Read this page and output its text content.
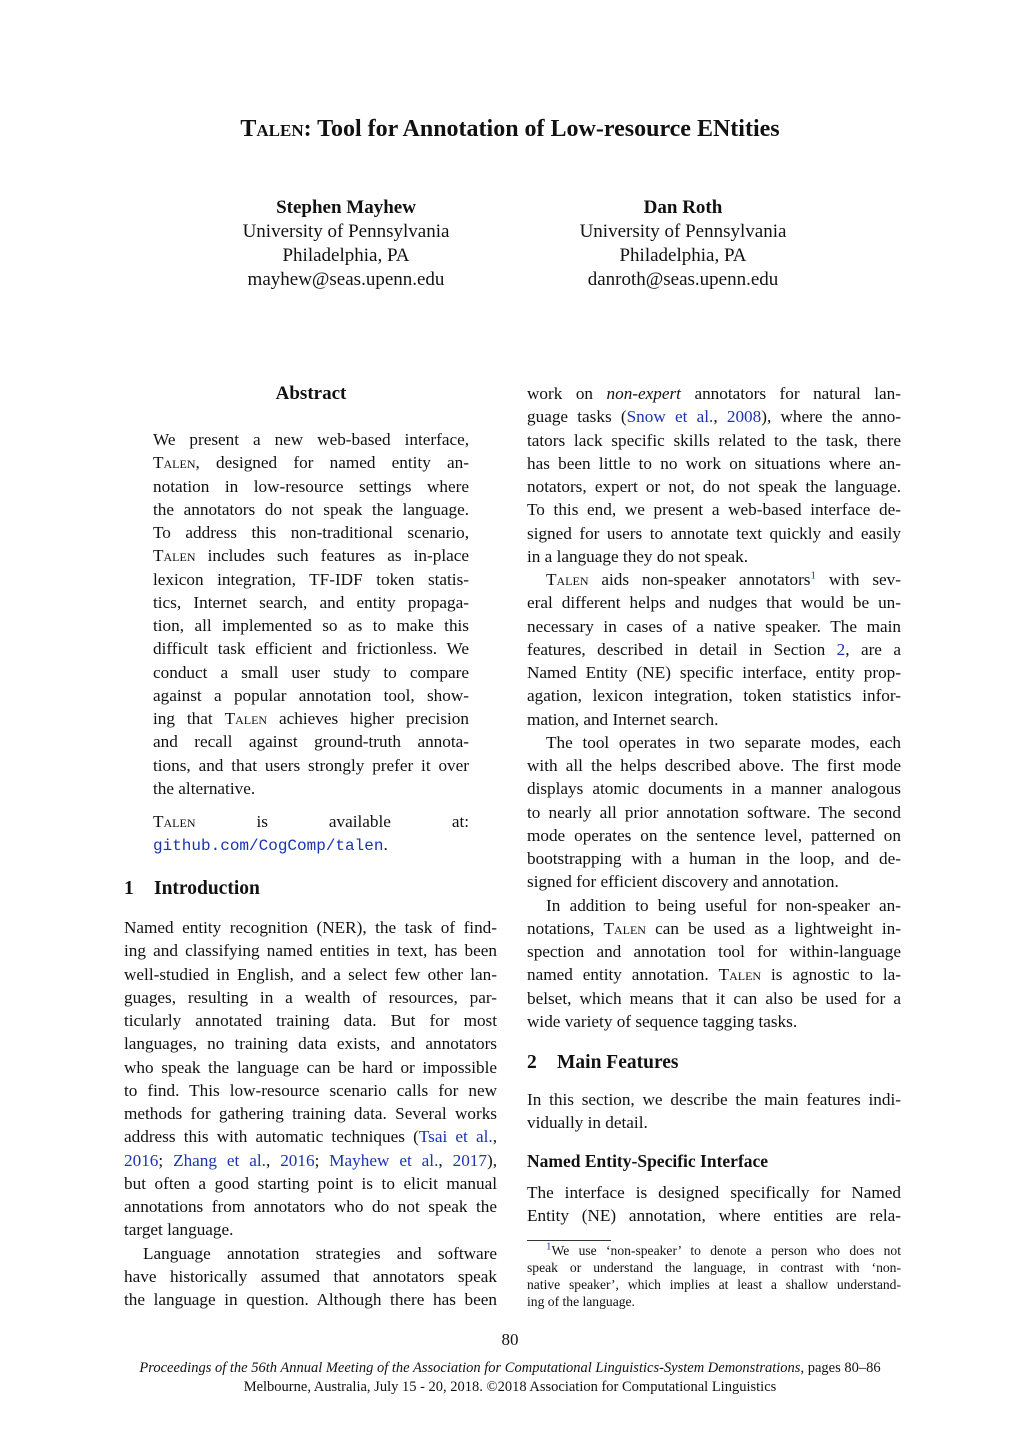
Talen: Tool for Annotation of Low-resource ENtities
Stephen Mayhew
University of Pennsylvania
Philadelphia, PA
mayhew@seas.upenn.edu
Dan Roth
University of Pennsylvania
Philadelphia, PA
danroth@seas.upenn.edu
Abstract
We present a new web-based interface,
Talen, designed for named entity an-
notation in low-resource settings where
the annotators do not speak the language.
To address this non-traditional scenario,
Talen includes such features as in-place
lexicon integration, TF-IDF token statis-
tics, Internet search, and entity propaga-
tion, all implemented so as to make this
difficult task efficient and frictionless. We
conduct a small user study to compare
against a popular annotation tool, show-
ing that Talen achieves higher precision
and recall against ground-truth annota-
tions, and that users strongly prefer it over
the alternative.
Talen is available at:
github.com/CogComp/talen.
1 Introduction
Named entity recognition (NER), the task of find-
ing and classifying named entities in text, has been
well-studied in English, and a select few other lan-
guages, resulting in a wealth of resources, par-
ticularly annotated training data. But for most
languages, no training data exists, and annotators
who speak the language can be hard or impossible
to find. This low-resource scenario calls for new
methods for gathering training data. Several works
address this with automatic techniques (Tsai et al.,
2016; Zhang et al., 2016; Mayhew et al., 2017),
but often a good starting point is to elicit manual
annotations from annotators who do not speak the
target language.
Language annotation strategies and software
have historically assumed that annotators speak
the language in question. Although there has been
work on non-expert annotators for natural lan-
guage tasks (Snow et al., 2008), where the anno-
tators lack specific skills related to the task, there
has been little to no work on situations where an-
notators, expert or not, do not speak the language.
To this end, we present a web-based interface de-
signed for users to annotate text quickly and easily
in a language they do not speak.
Talen aids non-speaker annotators$^1$ with sev-
eral different helps and nudges that would be un-
necessary in cases of a native speaker. The main
features, described in detail in Section 2, are a
Named Entity (NE) specific interface, entity prop-
agation, lexicon integration, token statistics infor-
mation, and Internet search.
The tool operates in two separate modes, each
with all the helps described above. The first mode
displays atomic documents in a manner analogous
to nearly all prior annotation software. The second
mode operates on the sentence level, patterned on
bootstrapping with a human in the loop, and de-
signed for efficient discovery and annotation.
In addition to being useful for non-speaker an-
notations, Talen can be used as a lightweight in-
spection and annotation tool for within-language
named entity annotation. Talen is agnostic to la-
belset, which means that it can also be used for a
wide variety of sequence tagging tasks.
2 Main Features
In this section, we describe the main features indi-
vidually in detail.
Named Entity-Specific Interface
The interface is designed specifically for Named
Entity (NE) annotation, where entities are rela-
$^1$We use ‘non-speaker’ to denote a person who does not
speak or understand the language, in contrast with ‘non-
native speaker’, which implies at least a shallow understand-
ing of the language.
80
Proceedings of the 56th Annual Meeting of the Association for Computational Linguistics-System Demonstrations, pages 80–86
Melbourne, Australia, July 15 - 20, 2018. ©2018 Association for Computational Linguistics
